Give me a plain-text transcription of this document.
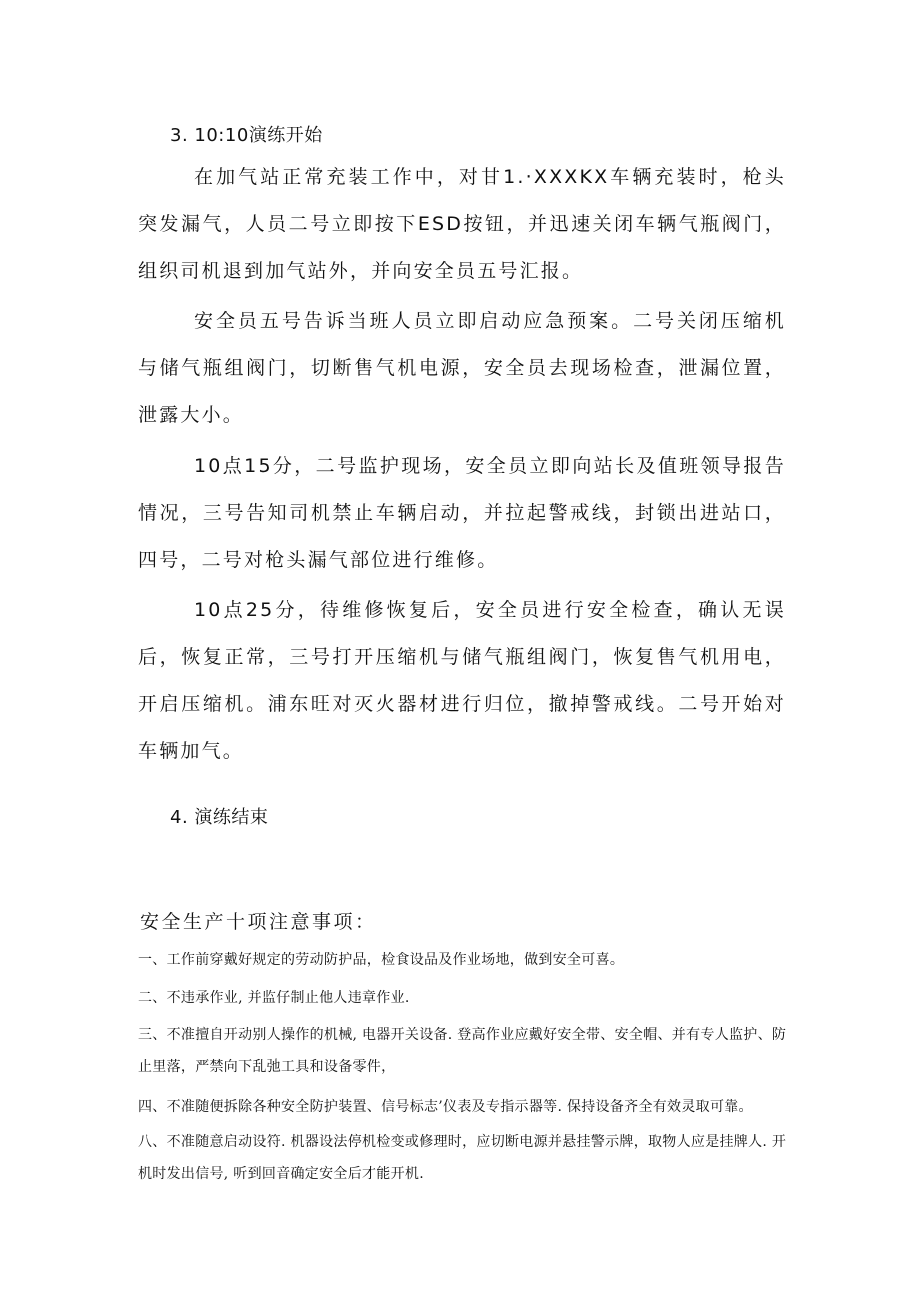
3. 10:10演练开始

在加气站正常充装工作中，对甘1.·XXXKX车辆充装时，枪头突发漏气，人员二号立即按下ESD按钮，并迅速关闭车辆气瓶阀门，组织司机退到加气站外，并向安全员五号汇报。

安全员五号告诉当班人员立即启动应急预案。二号关闭压缩机与储气瓶组阀门，切断售气机电源，安全员去现场检查，泄漏位置，泄露大小。

10点15分，二号监护现场，安全员立即向站长及值班领导报告情况，三号告知司机禁止车辆启动，并拉起警戒线，封锁出进站口，四号，二号对枪头漏气部位进行维修。

10点25分，待维修恢复后，安全员进行安全检查，确认无误后，恢复正常，三号打开压缩机与储气瓶组阀门，恢复售气机用电，开启压缩机。浦东旺对灭火器材进行归位，撤掉警戒线。二号开始对车辆加气。

4. 演练结束
安全生产十项注意事项：

一、工作前穿戴好规定的劳动防护品，检食设品及作业场地，做到安全可喜。

二、不违承作业, 并监仔制止他人违章作业.

三、不准擅自开动别人操作的机械, 电器开关设备. 登高作业应戴好安全带、安全帽、并有专人监护、防止里落，严禁向下乱弛工具和设备零件，

四、不准随便拆除各种安全防护装置、信号标志’仪表及专指示器等. 保持设备齐全有效灵取可靠。

八、不准随意启动设符. 机器设法停机检变或修理时，应切断电源并悬挂警示牌，取物人应是挂牌人. 开机时发出信号, 听到回音确定安全后才能开机.
